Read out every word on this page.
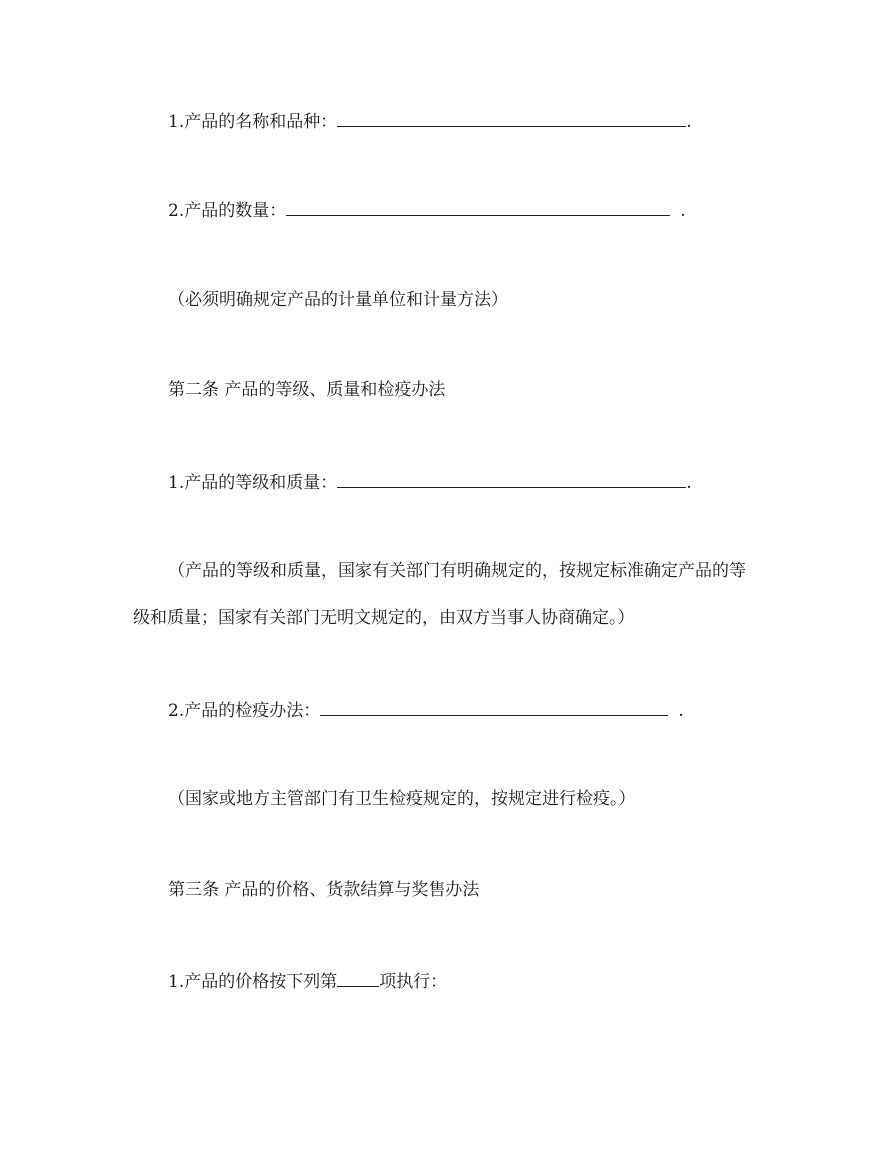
1.产品的名称和品种：	.
2.产品的数量：	.
（必须明确规定产品的计量单位和计量方法）
第二条 产品的等级、质量和检疫办法
1.产品的等级和质量：	.
（产品的等级和质量，国家有关部门有明确规定的，按规定标准确定产品的等
级和质量；国家有关部门无明文规定的，由双方当事人协商确定。）
2.产品的检疫办法：	.
（国家或地方主管部门有卫生检疫规定的，按规定进行检疫。）
第三条 产品的价格、货款结算与奖售办法
1.产品的价格按下列第 项执行：
